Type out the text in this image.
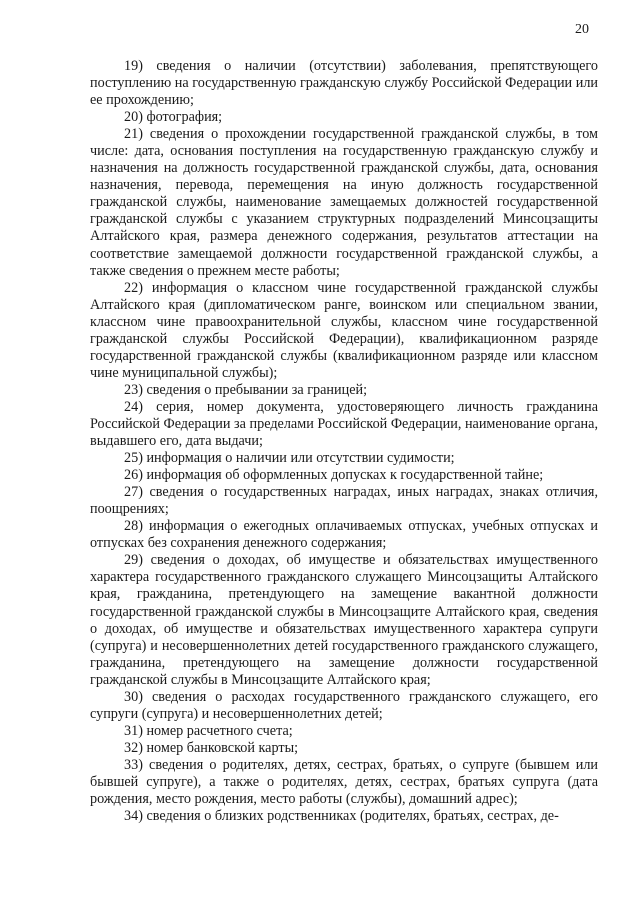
20

19) сведения о наличии (отсутствии) заболевания, препятствующего поступлению на государственную гражданскую службу Российской Федерации или ее прохождению;

20) фотография;

21) сведения о прохождении государственной гражданской службы, в том числе: дата, основания поступления на государственную гражданскую службу и назначения на должность государственной гражданской службы, дата, основания назначения, перевода, перемещения на иную должность государственной гражданской службы, наименование замещаемых должностей государственной гражданской службы с указанием структурных подразделений Минсоцзащиты Алтайского края, размера денежного содержания, результатов аттестации на соответствие замещаемой должности государственной гражданской службы, а также сведения о прежнем месте работы;

22) информация о классном чине государственной гражданской службы Алтайского края (дипломатическом ранге, воинском или специальном звании, классном чине правоохранительной службы, классном чине государственной гражданской службы Российской Федерации), квалификационном разряде государственной гражданской службы (квалификационном разряде или классном чине муниципальной службы);

23) сведения о пребывании за границей;

24) серия, номер документа, удостоверяющего личность гражданина Российской Федерации за пределами Российской Федерации, наименование органа, выдавшего его, дата выдачи;

25) информация о наличии или отсутствии судимости;

26) информация об оформленных допусках к государственной тайне;

27) сведения о государственных наградах, иных наградах, знаках отличия, поощрениях;

28) информация о ежегодных оплачиваемых отпусках, учебных отпусках и отпусках без сохранения денежного содержания;

29) сведения о доходах, об имуществе и обязательствах имущественного характера государственного гражданского служащего Минсоцзащиты Алтайского края, гражданина, претендующего на замещение вакантной должности государственной гражданской службы в Минсоцзащите Алтайского края, сведения о доходах, об имуществе и обязательствах имущественного характера супруги (супруга) и несовершеннолетних детей государственного гражданского служащего, гражданина, претендующего на замещение должности государственной гражданской службы в Минсоцзащите Алтайского края;

30) сведения о расходах государственного гражданского служащего, его супруги (супруга) и несовершеннолетних детей;

31) номер расчетного счета;

32) номер банковской карты;

33) сведения о родителях, детях, сестрах, братьях, о супруге (бывшем или бывшей супруге), а также о родителях, детях, сестрах, братьях супруга (дата рождения, место рождения, место работы (службы), домашний адрес);

34) сведения о близких родственниках (родителях, братьях, сестрах, де-
